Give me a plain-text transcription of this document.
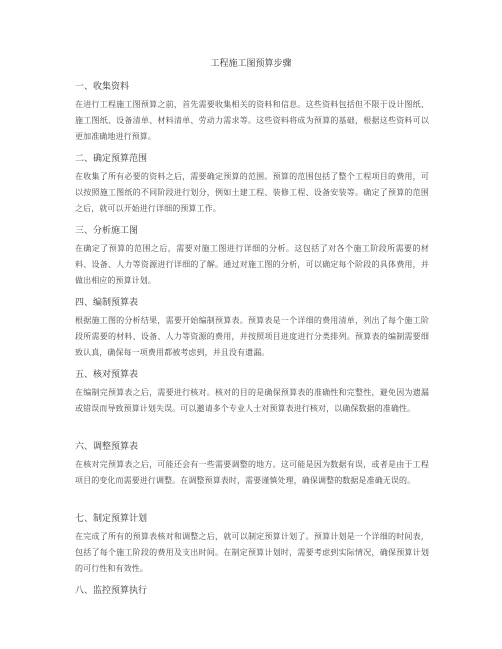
工程施工图预算步骤
一、收集资料
在进行工程施工图预算之前，首先需要收集相关的资料和信息。这些资料包括但不限于设计图纸、施工图纸、设备清单、材料清单、劳动力需求等。这些资料将成为预算的基础，根据这些资料可以更加准确地进行预算。
二、确定预算范围
在收集了所有必要的资料之后，需要确定预算的范围。预算的范围包括了整个工程项目的费用，可以按照施工图纸的不同阶段进行划分，例如土建工程、装修工程、设备安装等。确定了预算的范围之后，就可以开始进行详细的预算工作。
三、分析施工图
在确定了预算的范围之后，需要对施工图进行详细的分析。这包括了对各个施工阶段所需要的材料、设备、人力等资源进行详细的了解。通过对施工图的分析，可以确定每个阶段的具体费用，并做出相应的预算计划。
四、编制预算表
根据施工图的分析结果，需要开始编制预算表。预算表是一个详细的费用清单，列出了每个施工阶段所需要的材料、设备、人力等资源的费用，并按照项目进度进行分类排列。预算表的编制需要细致认真，确保每一项费用都被考虑到，并且没有遗漏。
五、核对预算表
在编制完预算表之后，需要进行核对。核对的目的是确保预算表的准确性和完整性，避免因为遗漏或错误而导致预算计划失误。可以邀请多个专业人士对预算表进行核对，以确保数据的准确性。
六、调整预算表
在核对完预算表之后，可能还会有一些需要调整的地方。这可能是因为数据有误，或者是由于工程项目的变化而需要进行调整。在调整预算表时，需要谨慎处理，确保调整的数据是准确无误的。
七、制定预算计划
在完成了所有的预算表核对和调整之后，就可以制定预算计划了。预算计划是一个详细的时间表，包括了每个施工阶段的费用及支出时间。在制定预算计划时，需要考虑到实际情况，确保预算计划的可行性和有效性。
八、监控预算执行
